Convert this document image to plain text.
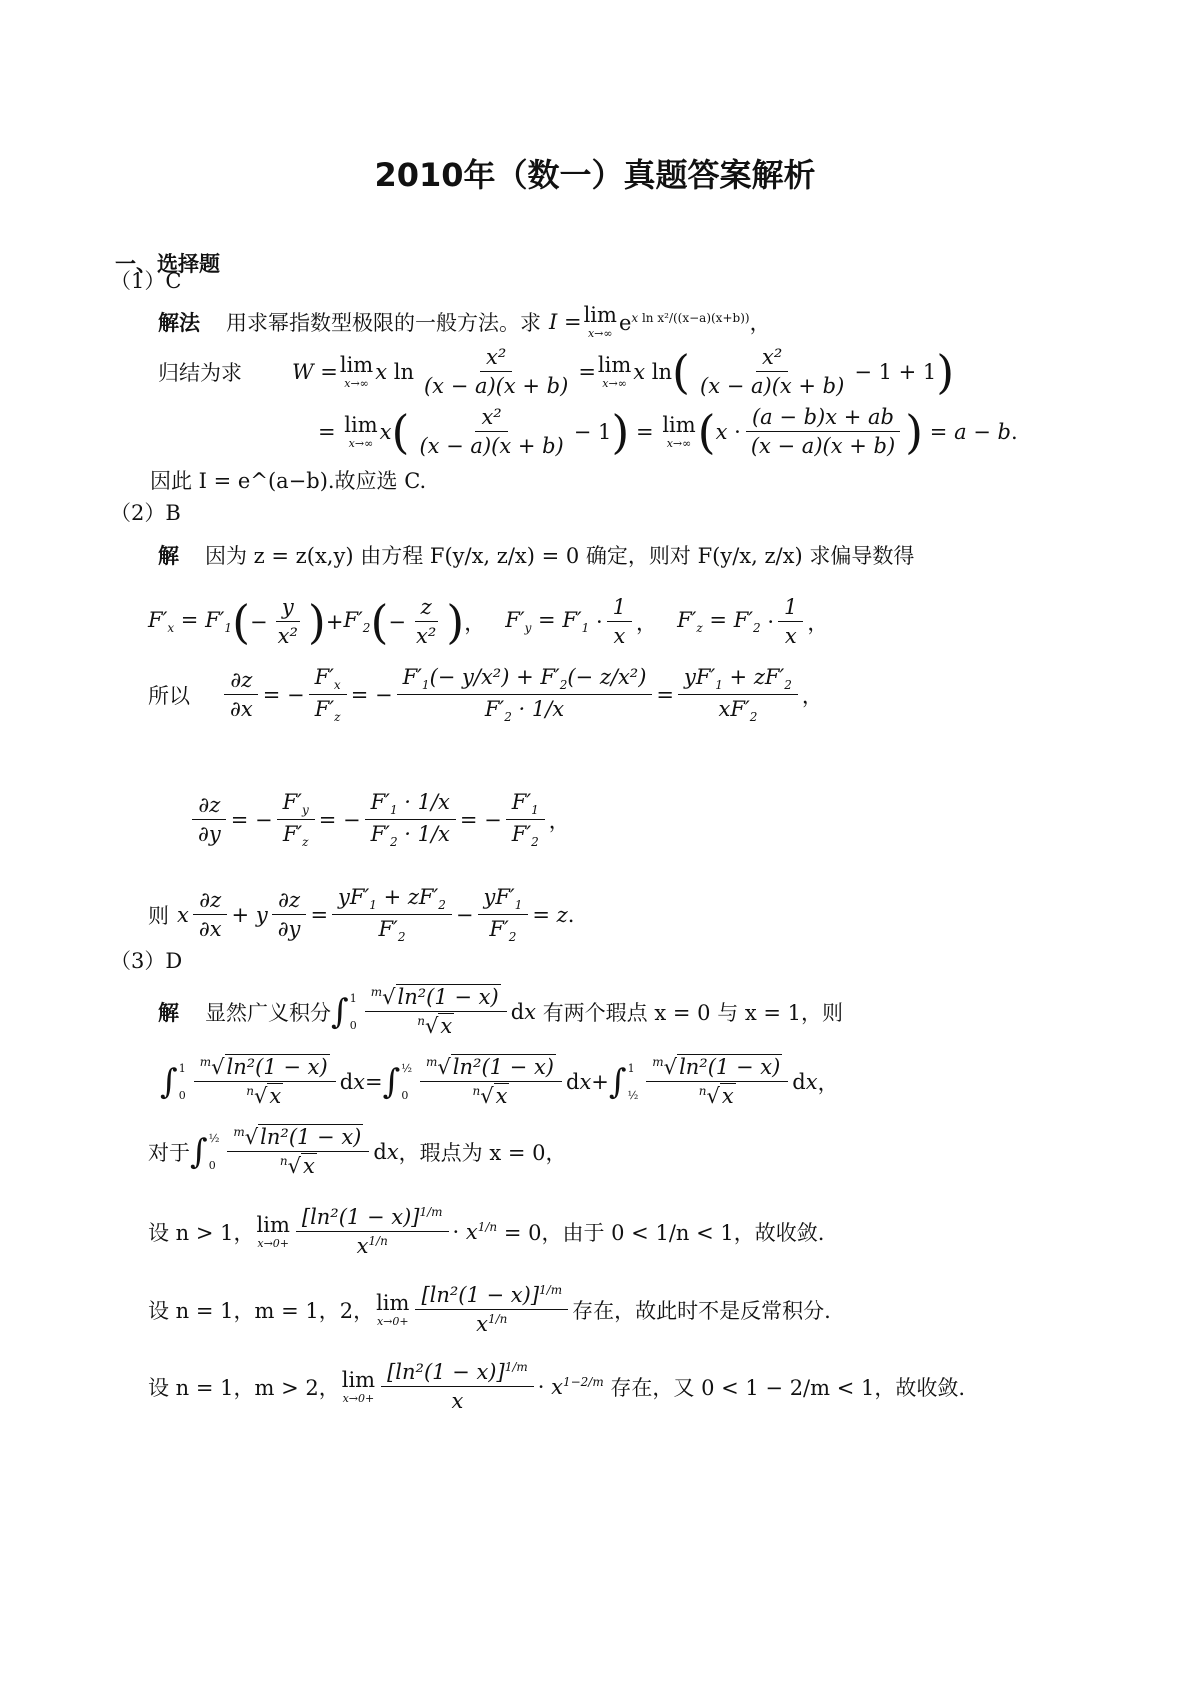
2010年（数一）真题答案解析
一、选择题
（1）C
解法 用求幂指数型极限的一般方法。求 I = lim
x→∞ $e^{x ln x^2/((x-a)(x+b))}$，
归结为求 W = lim
x→∞ x $\ln \frac{\text{x²}}{(x - a)(x + b)} = \lim$
x→∞ x ln ( $\frac{\text{x²}}{(x - a)(x + b)} - 1 + 1$ )
= lim
x→∞ x ( $\frac{\text{x²}}{(x - a)(x + b)} - 1$ ) = lim
x→∞ ( $x \cdot \frac{(a - b)x + ab}{(x - a)(x + b)}$ ) = a − b .
因此 I = e^(a−b).故应选 C.
（2）B
解 因为 z = z(x,y) 由方程 F(y/x, z/x) = 0 确定，则对 F(y/x, z/x) 求偏导数得
$F'_x = F'_1$ ( − $\frac{y}{\text{x²}}$ ) + $F'_2$ ( − $\frac{z}{\text{x²}}$ ) ， $F'_y = F'_1 \cdot \frac{1}{x}$ ， $F'_z = F'_2 \cdot \frac{1}{x}$ ，
所以 $\frac{\partial z}{\partial x}$ = − $\frac{F'_x}{F'_z}$ = − $\frac{F'_1(- y/x^2) + F'_2(- z/x^2)}{F'_2 \cdot 1/x} = \frac{yF'_1 + zF'_2}{xF'_2}$ ，
$\frac{\partial z}{\partial y}$ = − $\frac{F'_y}{F'_z}$ = − $\frac{F'_1 \cdot 1/x}{F'_2 \cdot 1/x}$ = − $\frac{F'_1}{F'_2}$ ，
则 x $\frac{\partial z}{\partial x} + y \frac{\partial z}{\partial y} = \frac{yF'_1 + zF'_2}{F'_2} - \frac{yF'_1}{F'_2} = z$ .
（3）D
解 显然广义积分 ∫ 1
$0 \frac{^m√\ln^2(1 - x)}{^n√x}$ d x
有两个瑕点 x = 0 与 x = 1，则
∫ 1
$0 \frac{^m√\ln^2(1 - x)}{^n√x}$ d x = ∫ ½
$0 \frac{^m√\ln^2(1 - x)}{^n√x}$ d x + ∫ 1
½ $\frac{^m√\ln^2(1 - x)}{^n√x}$ d x ，
对于 ∫ ½
$0 \frac{^m√\ln^2(1 - x)}{^n√x}$ d x ，瑕点为 x = 0，
设 n > 1， lim
$x\to 0+ \frac{[\ln^2(1 - x)]^{1/m}}{x^{1/n}} \cdot x^{1/n} = 0$，由于 0 < 1/n < 1，故收敛.
设 n = 1，m = 1，2， lim
$x\to 0+ \frac{[\ln^2(1 - x)]^{1/m}}{x^{1/n}}$ 存在，故此时不是反常积分.
设 n = 1，m > 2， lim
$x\to 0+ \frac{[\ln^2(1 - x)]^{1/m}}{x} \cdot x^{1-2/m}$ 存在，又 0 < 1 − 2/m < 1，故收敛.
